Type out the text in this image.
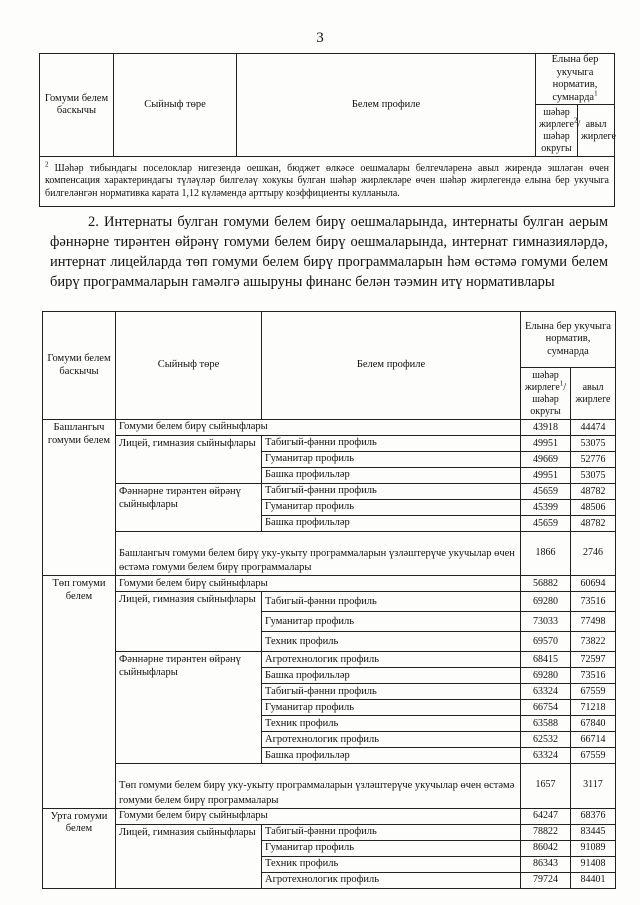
3
Гомуми белем баскычы	Сыйныф төре	Белем профиле	Елына бер укучыга норматив, сумнарда$^1$
			шәһәр жирлеге$^2$/ шәһәр округы	авыл жирлеге
$^2$ Шәһәр тибындагы поселоклар нигезендә оешкан, бюджет өлкәсе оешмалары белгечләренә авыл жирендә эшләгән өчен компенсация характериндагы түләүләр билгеләү хокукы булган шәһәр жирлекләре өчен шәһәр жирлегендә елына бер укучыга билгеләнгән нормативка карата 1,12 күләмендә арттыру коэффициенты кулланыла.				

2. Интернаты булган гомуми белем бирү оешмаларында, интернаты булган аерым фәннәрне тирәнтен өйрәнү гомуми белем бирү оешмаларында, интернат гимназияләрдә, интернат лицейларда төп гомуми белем бирү программаларын һәм өстәмә гомуми белем бирү программаларын гамәлгә ашыруны финанс белән тәэмин итү нормативлары

Гомуми белем баскычы	Сыйныф төре	Белем профиле	Елына бер укучыга норматив, сумнарда	
			шәһәр жирлеге$^1$/ шәһәр округы	авыл жирлеге
Башлангыч гомуми белем	Гомуми белем бирү сыйныфлары		43918	44474
	Лицей, гимназия сыйныфлары	Табигый-фәнни профиль	49951	53075
		Гуманитар профиль	49669	52776
		Башка профильләр	49951	53075
	Фәннәрне тирәнтен өйрәнү сыйныфлары	Табигый-фәнни профиль	45659	48782
		Гуманитар профиль	45399	48506
		Башка профильләр	45659	48782

	Башлангыч гомуми белем бирү уку-укыту программаларын үзләштерүче укучылар өчен өстәмә гомуми белем бирү программалары		1866	2746
Төп гомуми белем	Гомуми белем бирү сыйныфлары		56882	60694
	Лицей, гимназия сыйныфлары	Табигый-фәнни профиль	69280	73516
		Гуманитар профиль	73033	77498
		Техник профиль	69570	73822
	Фәннәрне тирәнтен өйрәнү сыйныфлары	Агротехнологик профиль	68415	72597
		Башка профильләр	69280	73516
		Табигый-фәнни профиль	63324	67559
		Гуманитар профиль	66754	71218
		Техник профиль	63588	67840
		Агротехнологик профиль	62532	66714
		Башка профильләр	63324	67559

	Төп гомуми белем бирү уку-укыту программаларын үзләштерүче укучылар өчен өстәмә гомуми белем бирү программалары		1657	3117
Урта гомуми белем	Гомуми белем бирү сыйныфлары		64247	68376
	Лицей, гимназия сыйныфлары	Табигый-фәнни профиль	78822	83445
		Гуманитар профиль	86042	91089
		Техник профиль	86343	91408
		Агротехнологик профиль	79724	84401
